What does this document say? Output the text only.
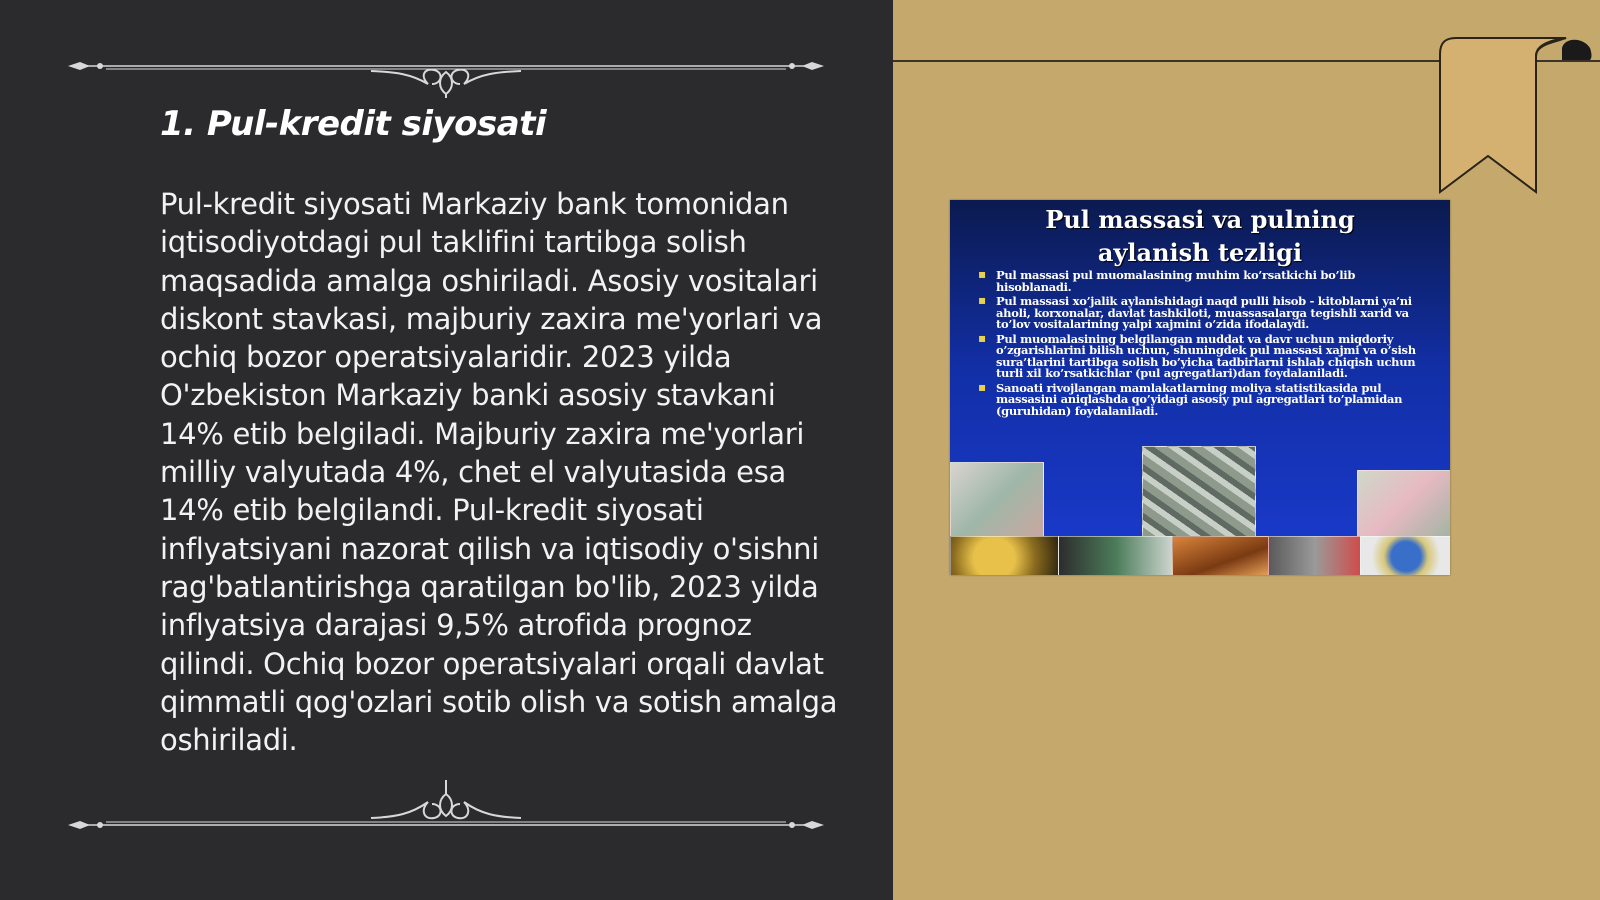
1. Pul-kredit siyosati

Pul-kredit siyosati Markaziy bank tomonidan iqtisodiyotdagi pul taklifini tartibga solish maqsadida amalga oshiriladi. Asosiy vositalari diskont stavkasi, majburiy zaxira me'yorlari va ochiq bozor operatsiyalaridir. 2023 yilda O'zbekiston Markaziy banki asosiy stavkani 14% etib belgiladi. Majburiy zaxira me'yorlari milliy valyutada 4%, chet el valyutasida esa 14% etib belgilandi. Pul-kredit siyosati inflyatsiyani nazorat qilish va iqtisodiy o'sishni rag'batlantirishga qaratilgan bo'lib, 2023 yilda inflyatsiya darajasi 9,5% atrofida prognoz qilindi. Ochiq bozor operatsiyalari orqali davlat qimmatli qog'ozlari sotib olish va sotish amalga oshiriladi.

Pul massasi va pulning
aylanish tezligi
▪ Pul massasi pul muomalasining muhim ko’rsatkichi bo’lib hisoblanadi.
▪ Pul massasi xo’jalik aylanishidagi naqd pulli hisob - kitoblarni ya’ni aholi, korxonalar, davlat tashkiloti, muassasalarga tegishli xarid va to’lov vositalarining yalpi xajmini o’zida ifodalaydi.
▪ Pul muomalasining belgilangan muddat va davr uchun miqdoriy o’zgarishlarini bilish uchun, shuningdek pul massasi xajmi va o’sish sura’tlarini tartibga solish bo’yicha tadbirlarni ishlab chiqish uchun turli xil ko’rsatkichlar (pul agregatlari)dan foydalaniladi.
▪ Sanoati rivojlangan mamlakatlarning moliya statistikasida pul massasini aniqlashda qo’yidagi asosiy pul agregatlari to’plamidan (guruhidan) foydalaniladi.
